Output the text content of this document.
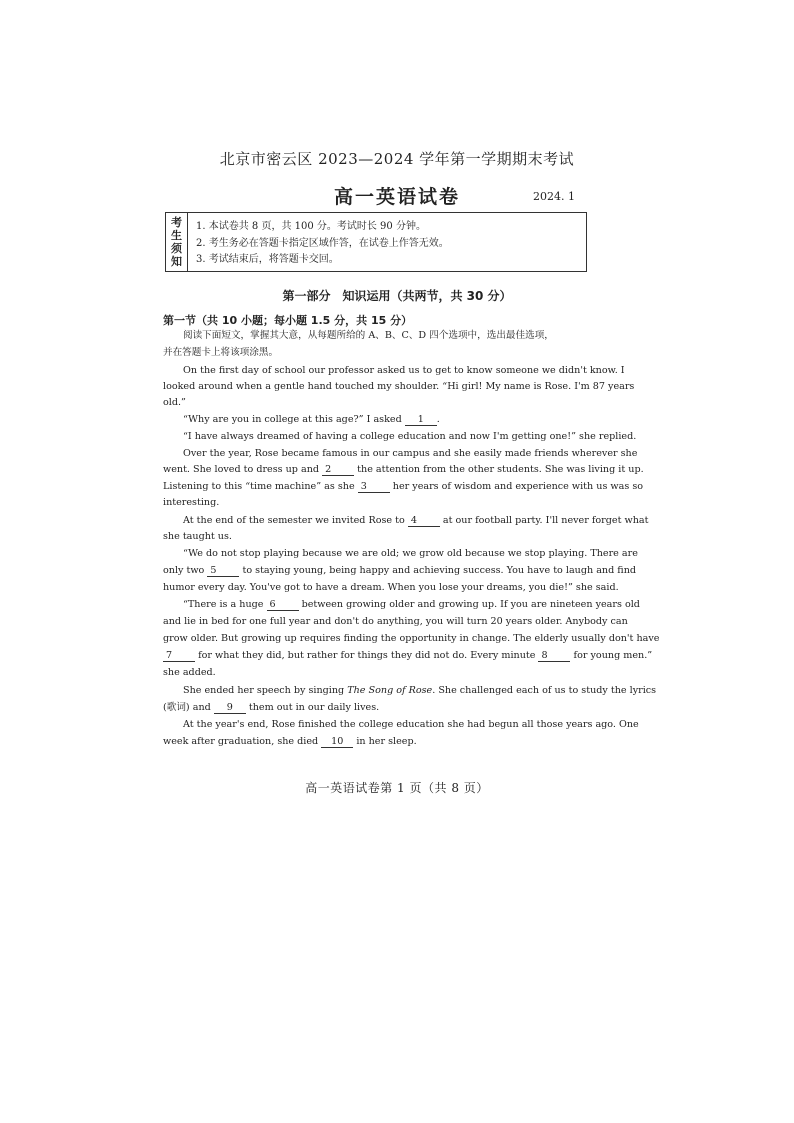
北京市密云区 2023—2024 学年第一学期期末考试
高一英语试卷	2024. 1
考
生
须
知
1. 本试卷共 8 页，共 100 分。考试时长 90 分钟。
2. 考生务必在答题卡指定区域作答，在试卷上作答无效。
3. 考试结束后，将答题卡交回。
第一部分　知识运用（共两节，共 30 分）
第一节（共 10 小题；每小题 1.5 分，共 15 分）
阅读下面短文，掌握其大意，从每题所给的 A、B、C、D 四个选项中，选出最佳选项，
并在答题卡上将该项涂黑。
On the first day of school our professor asked us to get to know someone we didn't know. I
looked around when a gentle hand touched my shoulder. “Hi girl! My name is Rose. I'm 87 years
old.”
“Why are you in college at this age?” I asked 1 .
“I have always dreamed of having a college education and now I'm getting one!” she replied.
Over the year, Rose became famous in our campus and she easily made friends wherever she
went. She loved to dress up and 2	the attention from the other students. She was living it up.
Listening to this “time machine” as she 3	her years of wisdom and experience with us was so
interesting.
At the end of the semester we invited Rose to 4	at our football party. I'll never forget what
she taught us.
“We do not stop playing because we are old; we grow old because we stop playing. There are
only two 5	to staying young, being happy and achieving success. You have to laugh and find
humor every day. You've got to have a dream. When you lose your dreams, you die!” she said.
“There is a huge 6	between growing older and growing up. If you are nineteen years old
and lie in bed for one full year and don't do anything, you will turn 20 years older. Anybody can
grow older. But growing up requires finding the opportunity in change. The elderly usually don't have
7	for what they did, but rather for things they did not do. Every minute 8	for young men.”
she added.
She ended her speech by singing The Song of Rose. She challenged each of us to study the lyrics
(歌词) and 9 them out in our daily lives.
At the year's end, Rose finished the college education she had begun all those years ago. One
week after graduation, she died 10 in her sleep.
高一英语试卷第 1 页（共 8 页）
